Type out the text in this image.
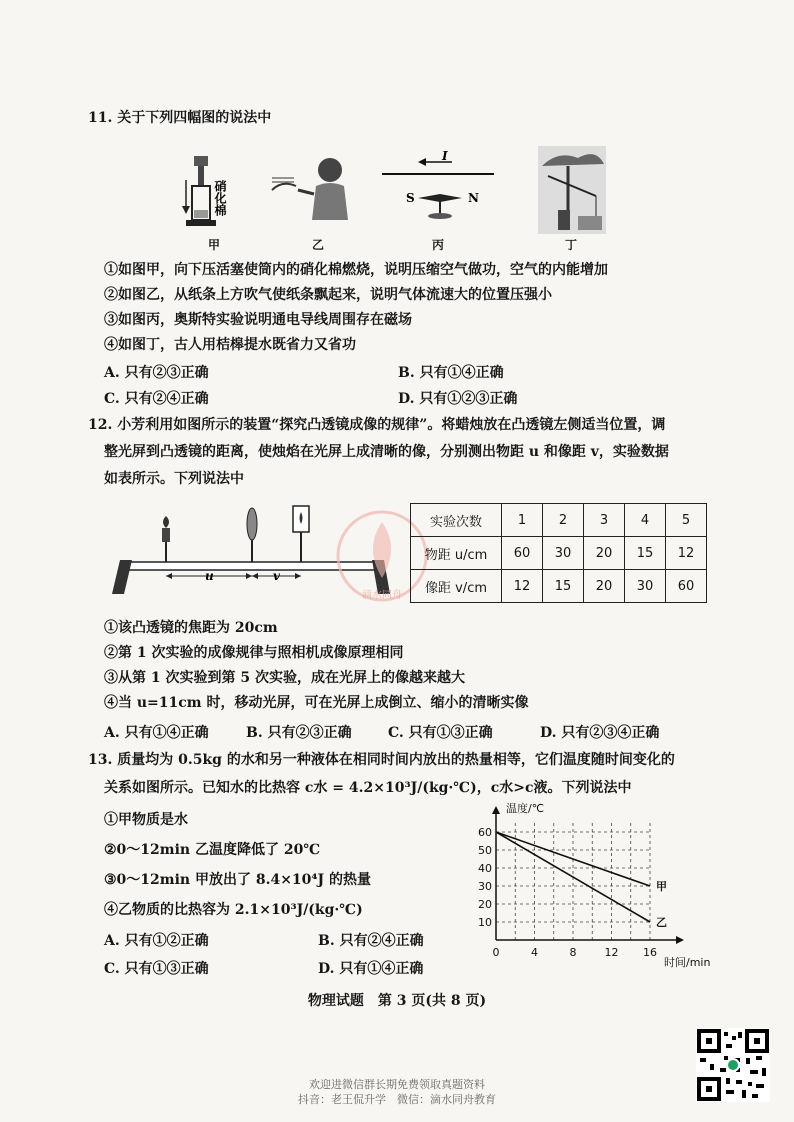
11. 关于下列四幅图的说法中
硝化棉
I
S	N
甲	乙	丙	丁
①如图甲，向下压活塞使筒内的硝化棉燃烧，说明压缩空气做功，空气的内能增加
②如图乙，从纸条上方吹气使纸条飘起来，说明气体流速大的位置压强小
③如图丙，奥斯特实验说明通电导线周围存在磁场
④如图丁，古人用桔槔提水既省力又省功
A. 只有②③正确	B. 只有①④正确
C. 只有②④正确	D. 只有①②③正确
12. 小芳利用如图所示的装置“探究凸透镜成像的规律”。将蜡烛放在凸透镜左侧适当位置，调
整光屏到凸透镜的距离，使烛焰在光屏上成清晰的像，分别测出物距 u 和像距 v，实验数据
如表所示。下列说法中
u	v
滴水同舟
实验次数	1	2	3	4	5
物距 u/cm	60	30	20	15	12
像距 v/cm	12	15	20	30	60
①该凸透镜的焦距为 20cm
②第 1 次实验的成像规律与照相机成像原理相同
③从第 1 次实验到第 5 次实验，成在光屏上的像越来越大
④当 u=11cm 时，移动光屏，可在光屏上成倒立、缩小的清晰实像
A. 只有①④正确	B. 只有②③正确	C. 只有①③正确	D. 只有②③④正确
13. 质量均为 0.5kg 的水和另一种液体在相同时间内放出的热量相等，它们温度随时间变化的
关系如图所示。已知水的比热容 c水 = 4.2×10³J/(kg·℃)，c水>c液。下列说法中
①甲物质是水
②0～12min 乙温度降低了 20℃
③0～12min 甲放出了 8.4×10⁴J 的热量
④乙物质的比热容为 2.1×10³J/(kg·℃)
A. 只有①②正确	B. 只有②④正确
C. 只有①③正确	D. 只有①④正确
0	4	8	12 16
10
20
30
40
50
60
温度/℃
时间/min
甲
乙
物理试题　第 3 页(共 8 页)
欢迎进微信群长期免费领取真题资料
抖音：老王侃升学　微信：滴水同舟教育
